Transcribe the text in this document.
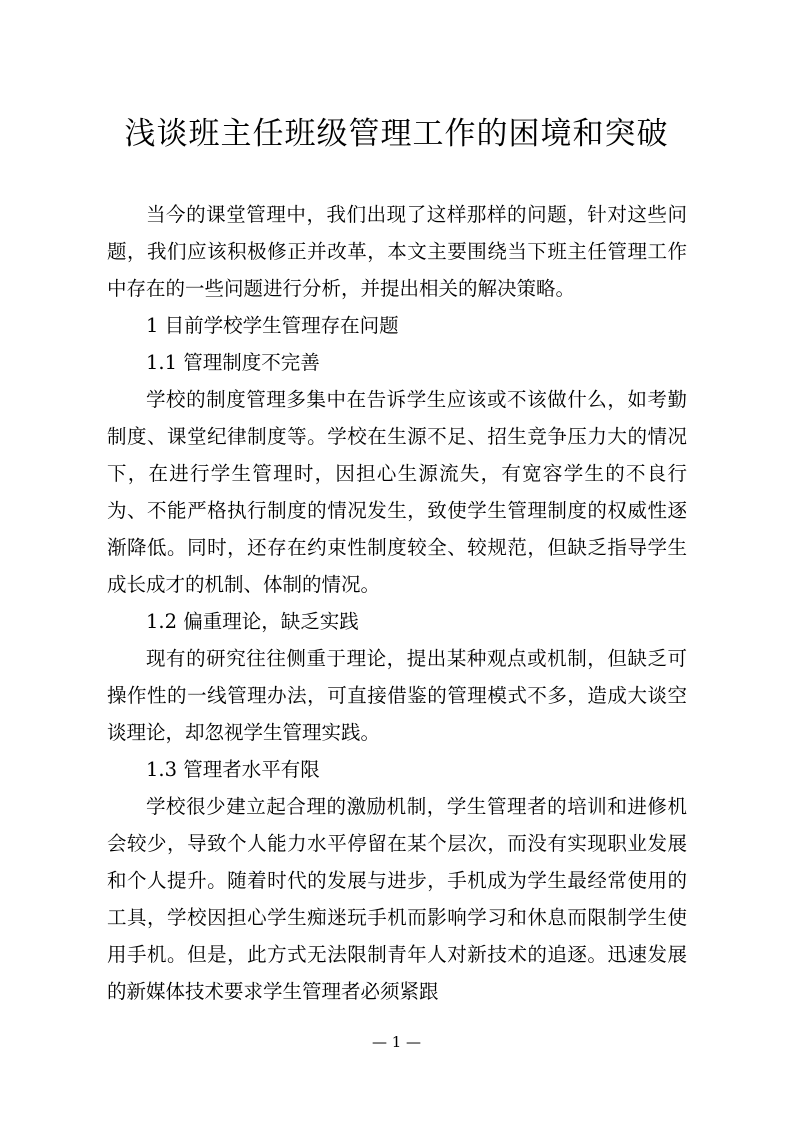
浅谈班主任班级管理工作的困境和突破

当今的课堂管理中，我们出现了这样那样的问题，针对这些问题，我们应该积极修正并改革，本文主要围绕当下班主任管理工作中存在的一些问题进行分析，并提出相关的解决策略。

1 目前学校学生管理存在问题

1.1 管理制度不完善

学校的制度管理多集中在告诉学生应该或不该做什么，如考勤制度、课堂纪律制度等。学校在生源不足、招生竞争压力大的情况下，在进行学生管理时，因担心生源流失，有宽容学生的不良行为、不能严格执行制度的情况发生，致使学生管理制度的权威性逐渐降低。同时，还存在约束性制度较全、较规范，但缺乏指导学生成长成才的机制、体制的情况。

1.2 偏重理论，缺乏实践

现有的研究往往侧重于理论，提出某种观点或机制，但缺乏可操作性的一线管理办法，可直接借鉴的管理模式不多，造成大谈空谈理论，却忽视学生管理实践。

1.3 管理者水平有限

学校很少建立起合理的激励机制，学生管理者的培训和进修机会较少，导致个人能力水平停留在某个层次，而没有实现职业发展和个人提升。随着时代的发展与进步，手机成为学生最经常使用的工具，学校因担心学生痴迷玩手机而影响学习和休息而限制学生使用手机。但是，此方式无法限制青年人对新技术的追逐。迅速发展的新媒体技术要求学生管理者必须紧跟

— 1 —
